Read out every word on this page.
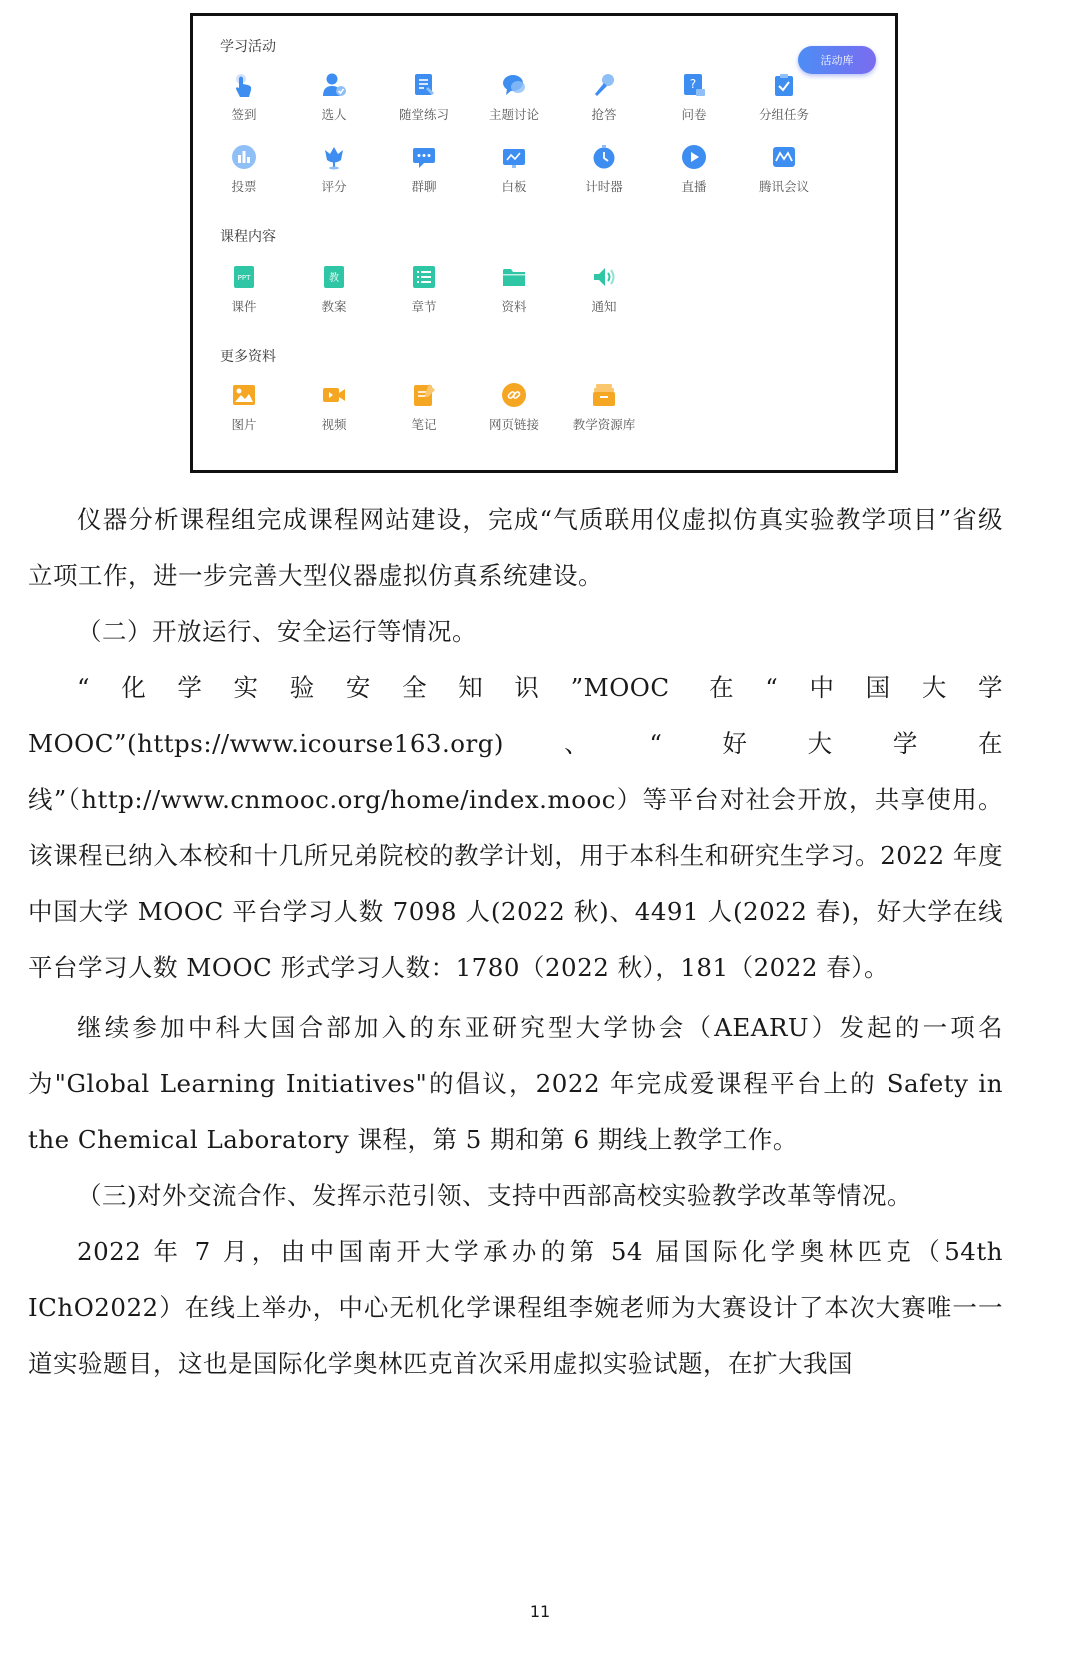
学习活动
活动库
签到	选人	随堂练习	主题讨论	抢答
?
问卷	分组任务
投票	评分	群聊	白板	计时器	直播	腾讯会议
课程内容
PPT
课件
教
教案	章节	资料	通知
更多资料
图片	视频	笔记	网页链接	教学资源库

仪器分析课程组完成课程网站建设，完成“气质联用仪虚拟仿真实验教学项目”省级立项工作，进一步完善大型仪器虚拟仿真系统建设。

（二）开放运行、安全运行等情况。

“化学实验安全知识”MOOC 在“中国大学 MOOC”(https://www.icourse163.org)、“好大学在线”（http://www.cnmooc.org/home/index.mooc）等平台对社会开放，共享使用。该课程已纳入本校和十几所兄弟院校的教学计划，用于本科生和研究生学习。2022 年度中国大学 MOOC 平台学习人数 7098 人(2022 秋)、4491 人(2022 春)，好大学在线平台学习人数 MOOC 形式学习人数：1780（2022 秋），181（2022 春）。

继续参加中科大国合部加入的东亚研究型大学协会（AEARU）发起的一项名为"Global Learning Initiatives"的倡议，2022 年完成爱课程平台上的 Safety in the Chemical Laboratory 课程，第 5 期和第 6 期线上教学工作。

（三)对外交流合作、发挥示范引领、支持中西部高校实验教学改革等情况。

2022 年 7 月，由中国南开大学承办的第 54 届国际化学奥林匹克（54th IChO2022）在线上举办，中心无机化学课程组李婉老师为大赛设计了本次大赛唯一一道实验题目，这也是国际化学奥林匹克首次采用虚拟实验试题，在扩大我国

11
